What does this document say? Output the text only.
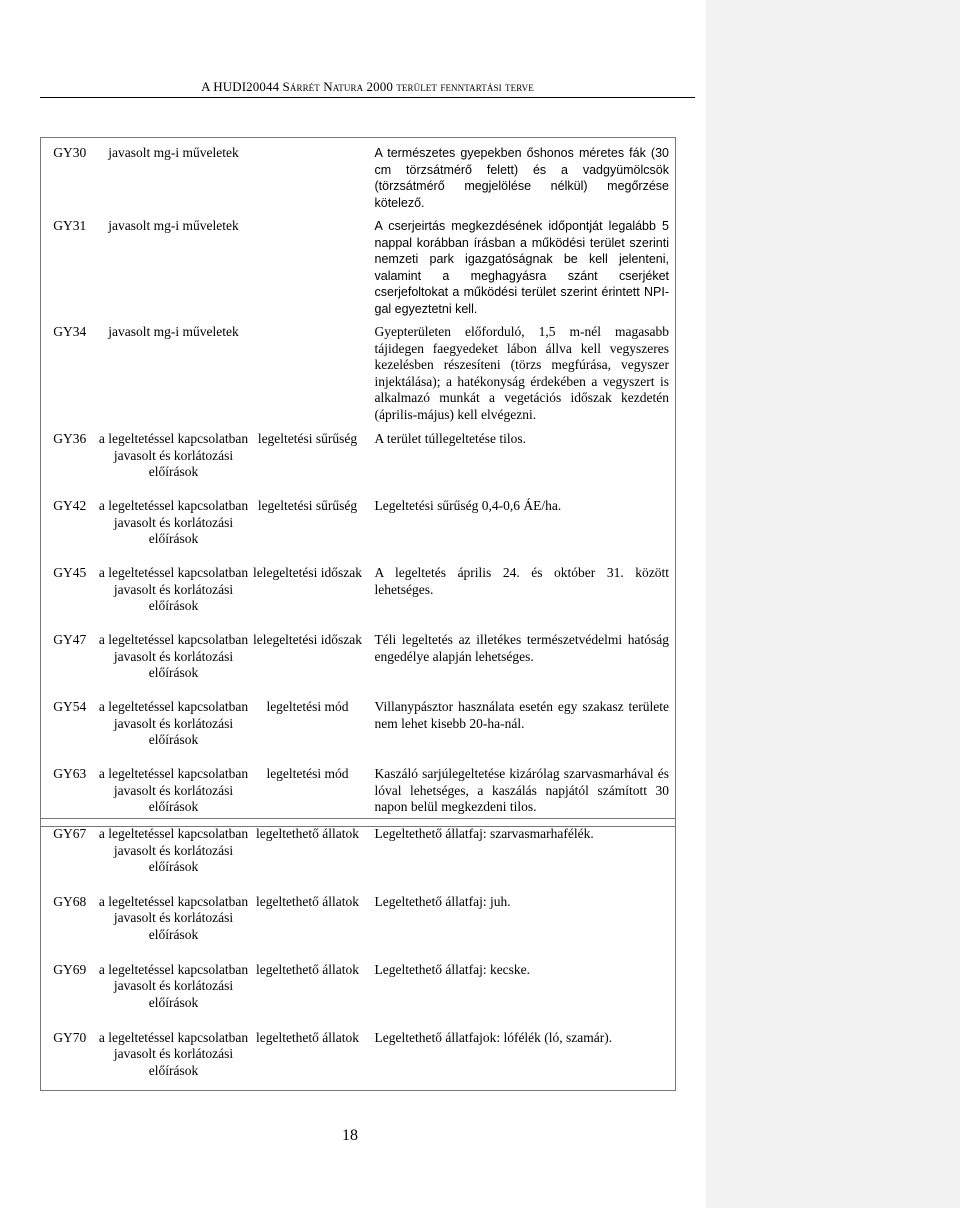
A HUDI20044 Sárrét Natura 2000 terület fenntartási terve
GY30	javasolt mg-i műveletek		A természetes gyepekben őshonos méretes fák (30 cm törzsátmérő felett) és a vadgyümölcsök (törzsátmérő megjelölése nélkül) megőrzése kötelező.
GY31	javasolt mg-i műveletek		A cserjeirtás megkezdésének időpontját legalább 5 nappal korábban írásban a működési terület szerinti nemzeti park igazgatóságnak be kell jelenteni, valamint a meghagyásra szánt cserjéket cserjefoltokat a működési terület szerint érintett NPI-gal egyeztetni kell.
GY34	javasolt mg-i műveletek		Gyepterületen előforduló, 1,5 m-nél magasabb tájidegen faegyedeket lábon állva kell vegyszeres kezelésben részesíteni (törzs megfúrása, vegyszer injektálása); a hatékonyság érdekében a vegyszert is alkalmazó munkát a vegetációs időszak kezdetén (április-május) kell elvégezni.
GY36	a legeltetéssel kapcsolatban javasolt és korlátozási előírások	legeltetési sűrűség	A terület túllegeltetése tilos.
GY42	a legeltetéssel kapcsolatban javasolt és korlátozási előírások	legeltetési sűrűség	Legeltetési sűrűség 0,4-0,6 ÁE/ha.
GY45	a legeltetéssel kapcsolatban javasolt és korlátozási előírások	lelegeltetési időszak	A legeltetés április 24. és október 31. között lehetséges.
GY47	a legeltetéssel kapcsolatban javasolt és korlátozási előírások	lelegeltetési időszak	Téli legeltetés az illetékes természetvédelmi hatóság engedélye alapján lehetséges.
GY54	a legeltetéssel kapcsolatban javasolt és korlátozási előírások	legeltetési mód	Villanypásztor használata esetén egy szakasz területe nem lehet kisebb 20-ha-nál.
GY63	a legeltetéssel kapcsolatban javasolt és korlátozási előírások	legeltetési mód	Kaszáló sarjúlegeltetése kizárólag szarvasmarhával és lóval lehetséges, a kaszálás napjától számított 30 napon belül megkezdeni tilos.
GY67	a legeltetéssel kapcsolatban javasolt és korlátozási előírások	legeltethető állatok	Legeltethető állatfaj: szarvasmarhafélék.
GY68	a legeltetéssel kapcsolatban javasolt és korlátozási előírások	legeltethető állatok	Legeltethető állatfaj: juh.
GY69	a legeltetéssel kapcsolatban javasolt és korlátozási előírások	legeltethető állatok	Legeltethető állatfaj: kecske.
GY70	a legeltetéssel kapcsolatban javasolt és korlátozási előírások	legeltethető állatok	Legeltethető állatfajok: lófélék (ló, szamár).
18
